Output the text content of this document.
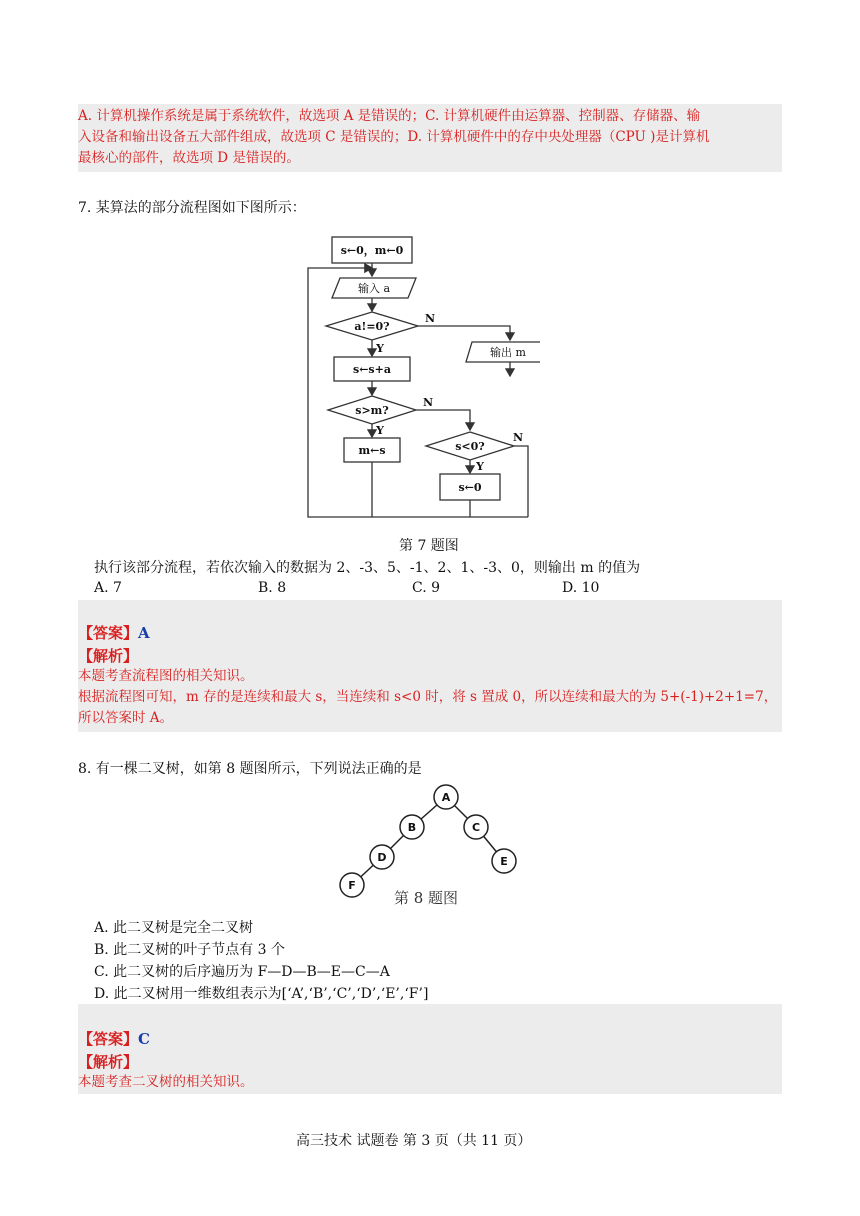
A. 计算机操作系统是属于系统软件，故选项 A 是错误的；C. 计算机硬件由运算器、控制器、存储器、输
入设备和输出设备五大部件组成，故选项 C 是错误的；D. 计算机硬件中的存中央处理器（CPU )是计算机
最核心的部件，故选项 D 是错误的。
7. 某算法的部分流程图如下图所示：
s←0，m←0
输入 a
a!=0?
输出 m
s←s+a
s>m?
m←s	s<0?
s←0
N
Y
N
Y
Y
N
第 7 题图
执行该部分流程，若依次输入的数据为 2、-3、5、-1、2、1、-3、0，则输出 m 的值为
A. 7	B. 8	C. 9	D. 10
【答案】A
【解析】
本题考查流程图的相关知识。
根据流程图可知，m 存的是连续和最大 s，当连续和 s<0 时，将 s 置成 0，所以连续和最大的为 5+(-1)+2+1=7，
所以答案时 A。
8. 有一棵二叉树，如第 8 题图所示，下列说法正确的是
A
B	C
D	E
F
第 8 题图
A. 此二叉树是完全二叉树
B. 此二叉树的叶子节点有 3 个
C. 此二叉树的后序遍历为 F—D—B—E—C—A
D. 此二叉树用一维数组表示为[‘A’,‘B’,‘C’,‘D’,‘E’,‘F’]
【答案】C
【解析】
本题考查二叉树的相关知识。
高三技术 试题卷 第 3 页（共 11 页）
